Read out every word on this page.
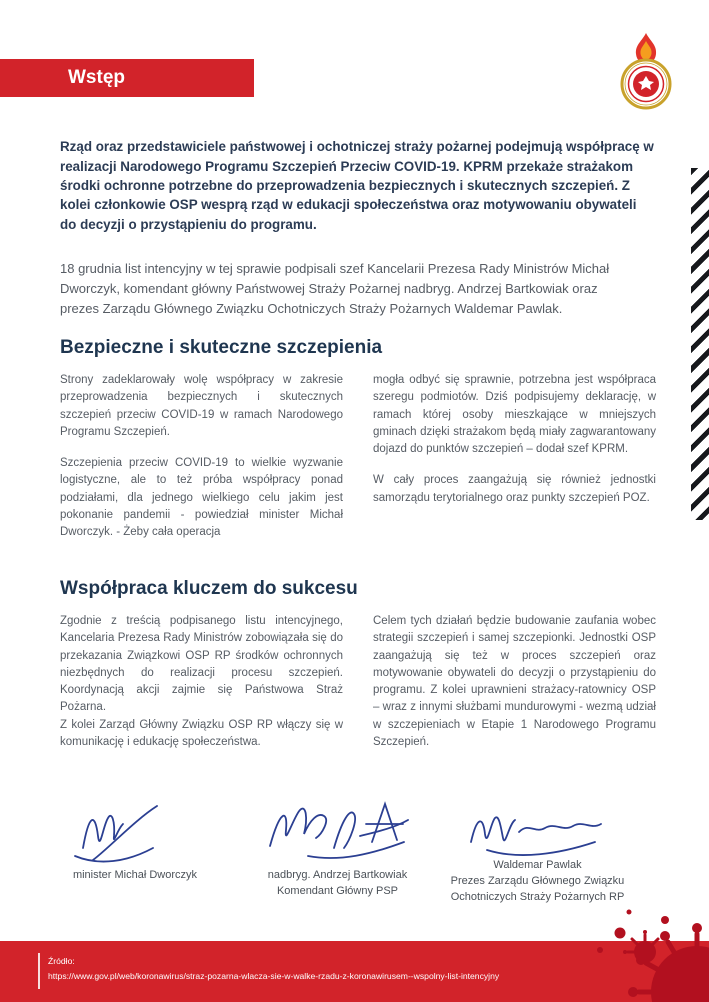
Wstęp

Rząd oraz przedstawiciele państwowej i ochotniczej straży pożarnej podejmują współpracę w realizacji Narodowego Programu Szczepień Przeciw COVID-19. KPRM przekaże strażakom środki ochronne potrzebne do przeprowadzenia bezpiecznych i skutecznych szczepień. Z kolei członkowie OSP wesprą rząd w edukacji społeczeństwa oraz motywowaniu obywateli do decyzji o przystąpieniu do programu.

18 grudnia list intencyjny w tej sprawie podpisali szef Kancelarii Prezesa Rady Ministrów Michał Dworczyk, komendant główny Państwowej Straży Pożarnej nadbryg. Andrzej Bartkowiak oraz prezes Zarządu Głównego Związku Ochotniczych Straży Pożarnych Waldemar Pawlak.

Bezpieczne i skuteczne szczepienia

Strony zadeklarowały wolę współpracy w zakresie przeprowadzenia bezpiecznych i skutecznych szczepień przeciw COVID-19 w ramach Narodowego Programu Szczepień.

Szczepienia przeciw COVID-19 to wielkie wyzwanie logistyczne, ale to też próba współpracy ponad podziałami, dla jednego wielkiego celu jakim jest pokonanie pandemii - powiedział minister Michał Dworczyk. - Żeby cała operacja

mogła odbyć się sprawnie, potrzebna jest współpraca szeregu podmiotów. Dziś podpisujemy deklarację, w ramach której osoby mieszkające w mniejszych gminach dzięki strażakom będą miały zagwarantowany dojazd do punktów szczepień – dodał szef KPRM.

W cały proces zaangażują się również jednostki samorządu terytorialnego oraz punkty szczepień POZ.

Współpraca kluczem do sukcesu

Zgodnie z treścią podpisanego listu intencyjnego, Kancelaria Prezesa Rady Ministrów zobowiązała się do przekazania Związkowi OSP RP środków ochronnych niezbędnych do realizacji procesu szczepień. Koordynacją akcji zajmie się Państwowa Straż Pożarna.

Z kolei Zarząd Główny Związku OSP RP włączy się w komunikację i edukację społeczeństwa.

Celem tych działań będzie budowanie zaufania wobec strategii szczepień i samej szczepionki. Jednostki OSP zaangażują się też w proces szczepień oraz motywowanie obywateli do decyzji o przystąpieniu do programu. Z kolei uprawnieni strażacy-ratownicy OSP – wraz z innymi służbami mundurowymi - wezmą udział w szczepieniach w Etapie 1 Narodowego Programu Szczepień.

minister Michał Dworczyk	nadbryg. Andrzej Bartkowiak
Komendant Główny PSP
Waldemar Pawlak
Prezes Zarządu Głównego Związku
Ochotniczych Straży Pożarnych RP
Źródło:
https://www.gov.pl/web/koronawirus/straz-pozarna-wlacza-sie-w-walke-rzadu-z-koronawirusem--wspolny-list-intencyjny
